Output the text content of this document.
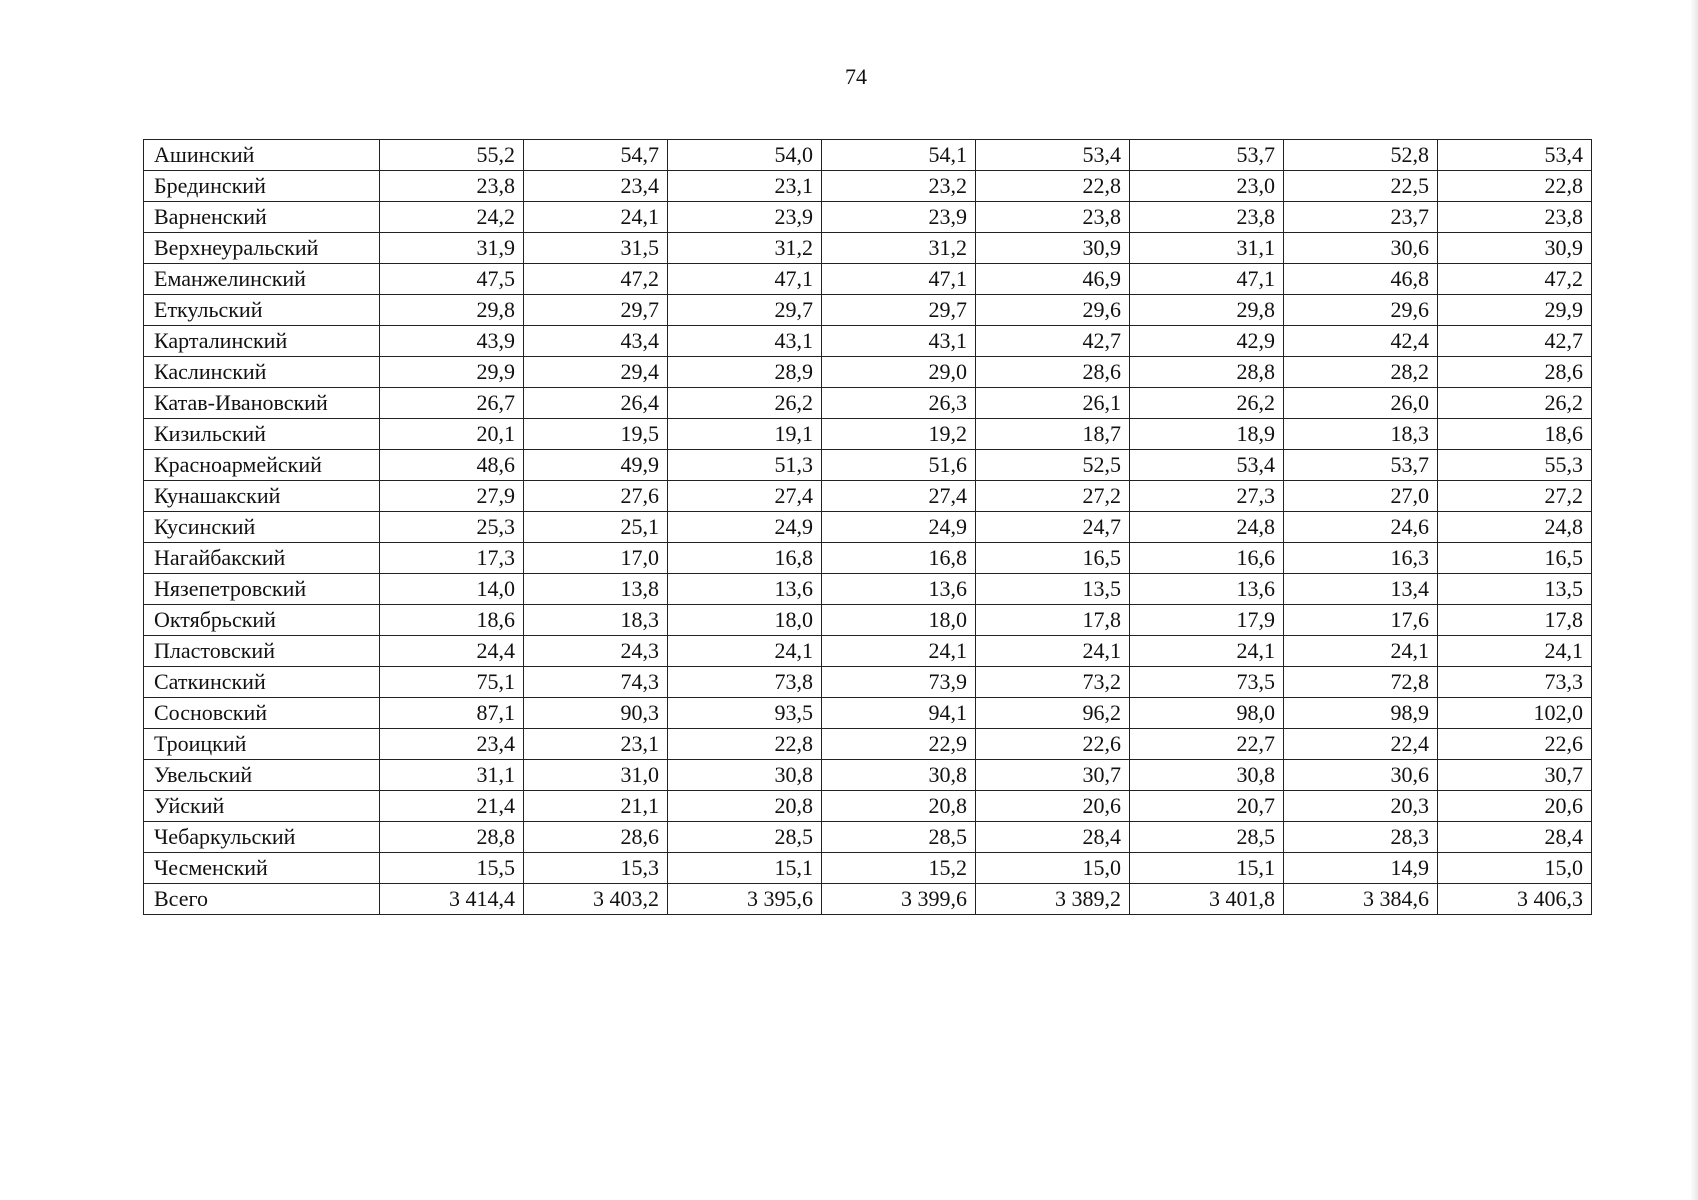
74
Ашинский	55,2	54,7	54,0	54,1	53,4	53,7	52,8	53,4
Брединский	23,8	23,4	23,1	23,2	22,8	23,0	22,5	22,8
Варненский	24,2	24,1	23,9	23,9	23,8	23,8	23,7	23,8
Верхнеуральский	31,9	31,5	31,2	31,2	30,9	31,1	30,6	30,9
Еманжелинский	47,5	47,2	47,1	47,1	46,9	47,1	46,8	47,2
Еткульский	29,8	29,7	29,7	29,7	29,6	29,8	29,6	29,9
Карталинский	43,9	43,4	43,1	43,1	42,7	42,9	42,4	42,7
Каслинский	29,9	29,4	28,9	29,0	28,6	28,8	28,2	28,6
Катав-Ивановский	26,7	26,4	26,2	26,3	26,1	26,2	26,0	26,2
Кизильский	20,1	19,5	19,1	19,2	18,7	18,9	18,3	18,6
Красноармейский	48,6	49,9	51,3	51,6	52,5	53,4	53,7	55,3
Кунашакский	27,9	27,6	27,4	27,4	27,2	27,3	27,0	27,2
Кусинский	25,3	25,1	24,9	24,9	24,7	24,8	24,6	24,8
Нагайбакский	17,3	17,0	16,8	16,8	16,5	16,6	16,3	16,5
Нязепетровский	14,0	13,8	13,6	13,6	13,5	13,6	13,4	13,5
Октябрьский	18,6	18,3	18,0	18,0	17,8	17,9	17,6	17,8
Пластовский	24,4	24,3	24,1	24,1	24,1	24,1	24,1	24,1
Саткинский	75,1	74,3	73,8	73,9	73,2	73,5	72,8	73,3
Сосновский	87,1	90,3	93,5	94,1	96,2	98,0	98,9	102,0
Троицкий	23,4	23,1	22,8	22,9	22,6	22,7	22,4	22,6
Увельский	31,1	31,0	30,8	30,8	30,7	30,8	30,6	30,7
Уйский	21,4	21,1	20,8	20,8	20,6	20,7	20,3	20,6
Чебаркульский	28,8	28,6	28,5	28,5	28,4	28,5	28,3	28,4
Чесменский	15,5	15,3	15,1	15,2	15,0	15,1	14,9	15,0
Всего	3 414,4	3 403,2	3 395,6	3 399,6	3 389,2	3 401,8	3 384,6	3 406,3
